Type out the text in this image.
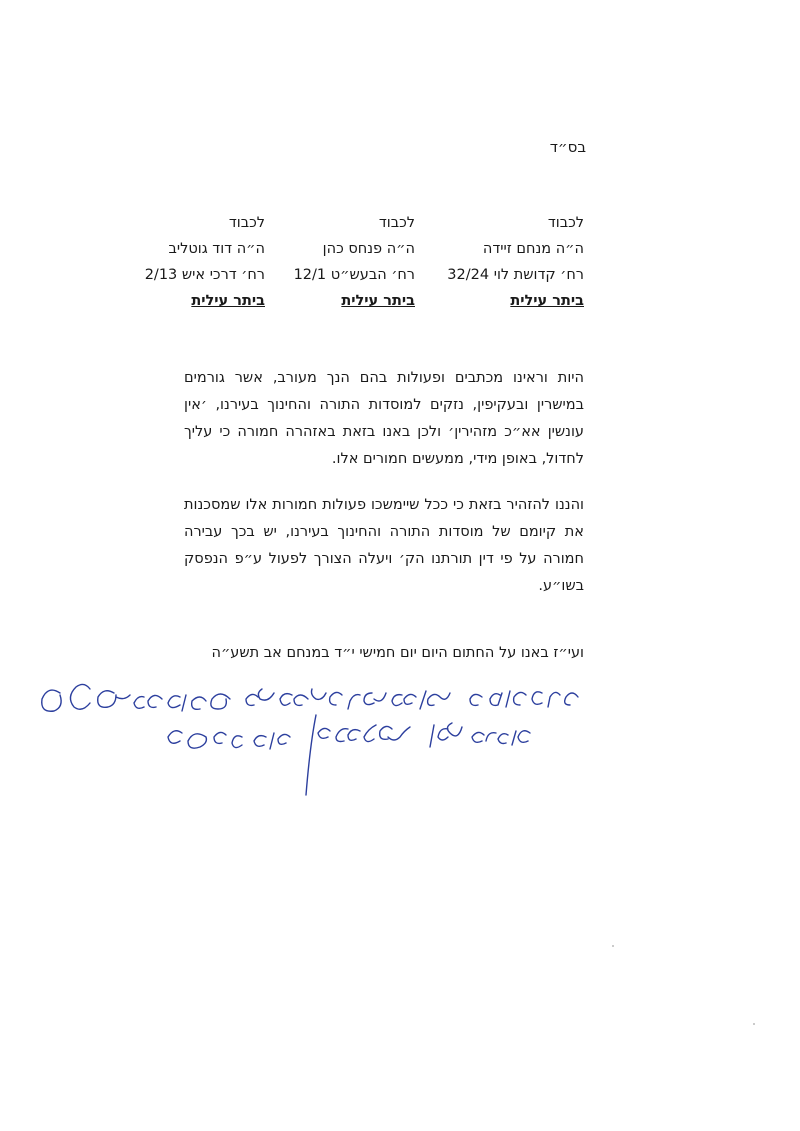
בס״ד
לכבוד
ה״ה מנחם זיידה
רח׳ קדושת לוי 32/24
ביתר עילית
לכבוד
ה״ה פנחס כהן
רח׳ הבעש״ט 12/1
ביתר עילית
לכבוד
ה״ה דוד גוטליב
רח׳ דרכי איש 2/13
ביתר עילית

היות וראינו מכתבים ופעולות בהם הנך מעורב, אשר גורמים במישרין ובעקיפין, נזקים למוסדות התורה והחינוך בעירנו, ׳אין עונשין אא״כ מזהירין׳ ולכן באנו בזאת באזהרה חמורה כי עליך לחדול, באופן מידי, ממעשים חמורים אלו.

והננו להזהיר בזאת כי ככל שיימשכו פעולות חמורות אלו שמסכנות את קיומם של מוסדות התורה והחינוך בעירנו, יש בכך עבירה חמורה על פי דין תורתנו הק׳ ויעלה הצורך לפעול ע״פ הנפסק בשו״ע.

ועי״ז באנו על החתום היום יום חמישי י״ד במנחם אב תשע״ה
